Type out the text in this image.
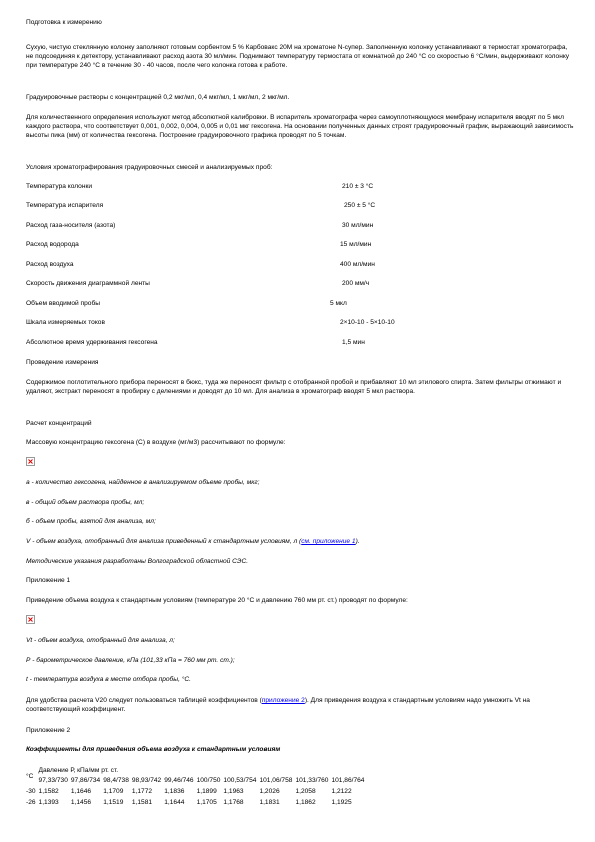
Подготовка к измерению

Сухую, чистую стеклянную колонку заполняют готовым сорбентом 5 % Карбовакс 20М на хроматоне N-супер. Заполненную колонку устанавливают в термостат хроматографа, не подсоединяя к детектору, устанавливают расход азота 30 мл/мин. Поднимают температуру термостата от комнатной до 240 °С со скоростью 6 °С/мин, выдерживают колонку при температуре 240 °С в течение 30 - 40 часов, после чего колонка готова к работе.

Градуировочные растворы с концентрацией 0,2 мкг/мл, 0,4 мкг/мл, 1 мкг/мл, 2 мкг/мл.

Для количественного определения используют метод абсолютной калибровки. В испаритель хроматографа через самоуплотняющуюся мембрану испарителя вводят по 5 мкл каждого раствора, что соответствует 0,001, 0,002, 0,004, 0,005 и 0,01 мкг гексогена. На основании полученных данных строят градуировочный график, выражающий зависимость высоты пика (мм) от количества гексогена. Построение градуировочного графика проводят по 5 точкам.

Условия хроматографирования градуировочных смесей и анализируемых проб:

Температура колонки	210 ± 3 °С
Температура испарителя	250 ± 5 °С
Расход газа-носителя (азота)	30 мл/мин
Расход водорода	15 мл/мин
Расход воздуха	400 мл/мин
Скорость движения диаграммной ленты	200 мм/ч
Объем вводимой пробы	5 мкл
Шкала измеряемых токов	2×10-10 - 5×10-10
Абсолютное время удерживания гексогена	1,5 мин

Проведение измерения

Содержимое поглотительного прибора переносят в бюкс, туда же переносят фильтр с отобранной пробой и прибавляют 10 мл этилового спирта. Затем фильтры отжимают и удаляют, экстракт переносят в пробирку с делениями и доводят до 10 мл. Для анализа в хроматограф вводят 5 мкл раствора.

Расчет концентраций

Массовую концентрацию гексогена (С) в воздухе (мг/м3) рассчитывают по формуле:

а - количество гексогена, найденное в анализируемом объеме пробы, мкг;

в - общий объем раствора пробы, мл;

б - объем пробы, взятой для анализа, мл;

V - объем воздуха, отобранный для анализа приведенный к стандартным условиям, л (см. приложение 1).

Методические указания разработаны Волгоградской областной СЭС.

Приложение 1

Приведение объема воздуха к стандартным условиям (температуре 20 °С и давлению 760 мм рт. ст.) проводят по формуле:

Vt - объем воздуха, отобранный для анализа, л;

Р - барометрическое давление, кПа (101,33 кПа = 760 мм рт. ст.);

t - температура воздуха в месте отбора пробы, °С.

Для удобства расчета V20 следует пользоваться таблицей коэффициентов (приложение 2). Для приведения воздуха к стандартным условиям надо умножить Vt на соответствующий коэффициент.

Приложение 2

Коэффициенты для приведения объема воздуха к стандартным условиям

°С	Давление Р, кПа/мм рт. ст.									
	97,33/730	97,86/734	98,4/738	98,93/742	99,46/746	100/750	100,53/754	101,06/758	101,33/760	101,86/764
-30	1,1582	1,1646	1,1709	1,1772	1,1836	1,1899	1,1963	1,2026	1,2058	1,2122
-26	1,1393	1,1456	1,1519	1,1581	1,1644	1,1705	1,1768	1,1831	1,1862	1,1925
